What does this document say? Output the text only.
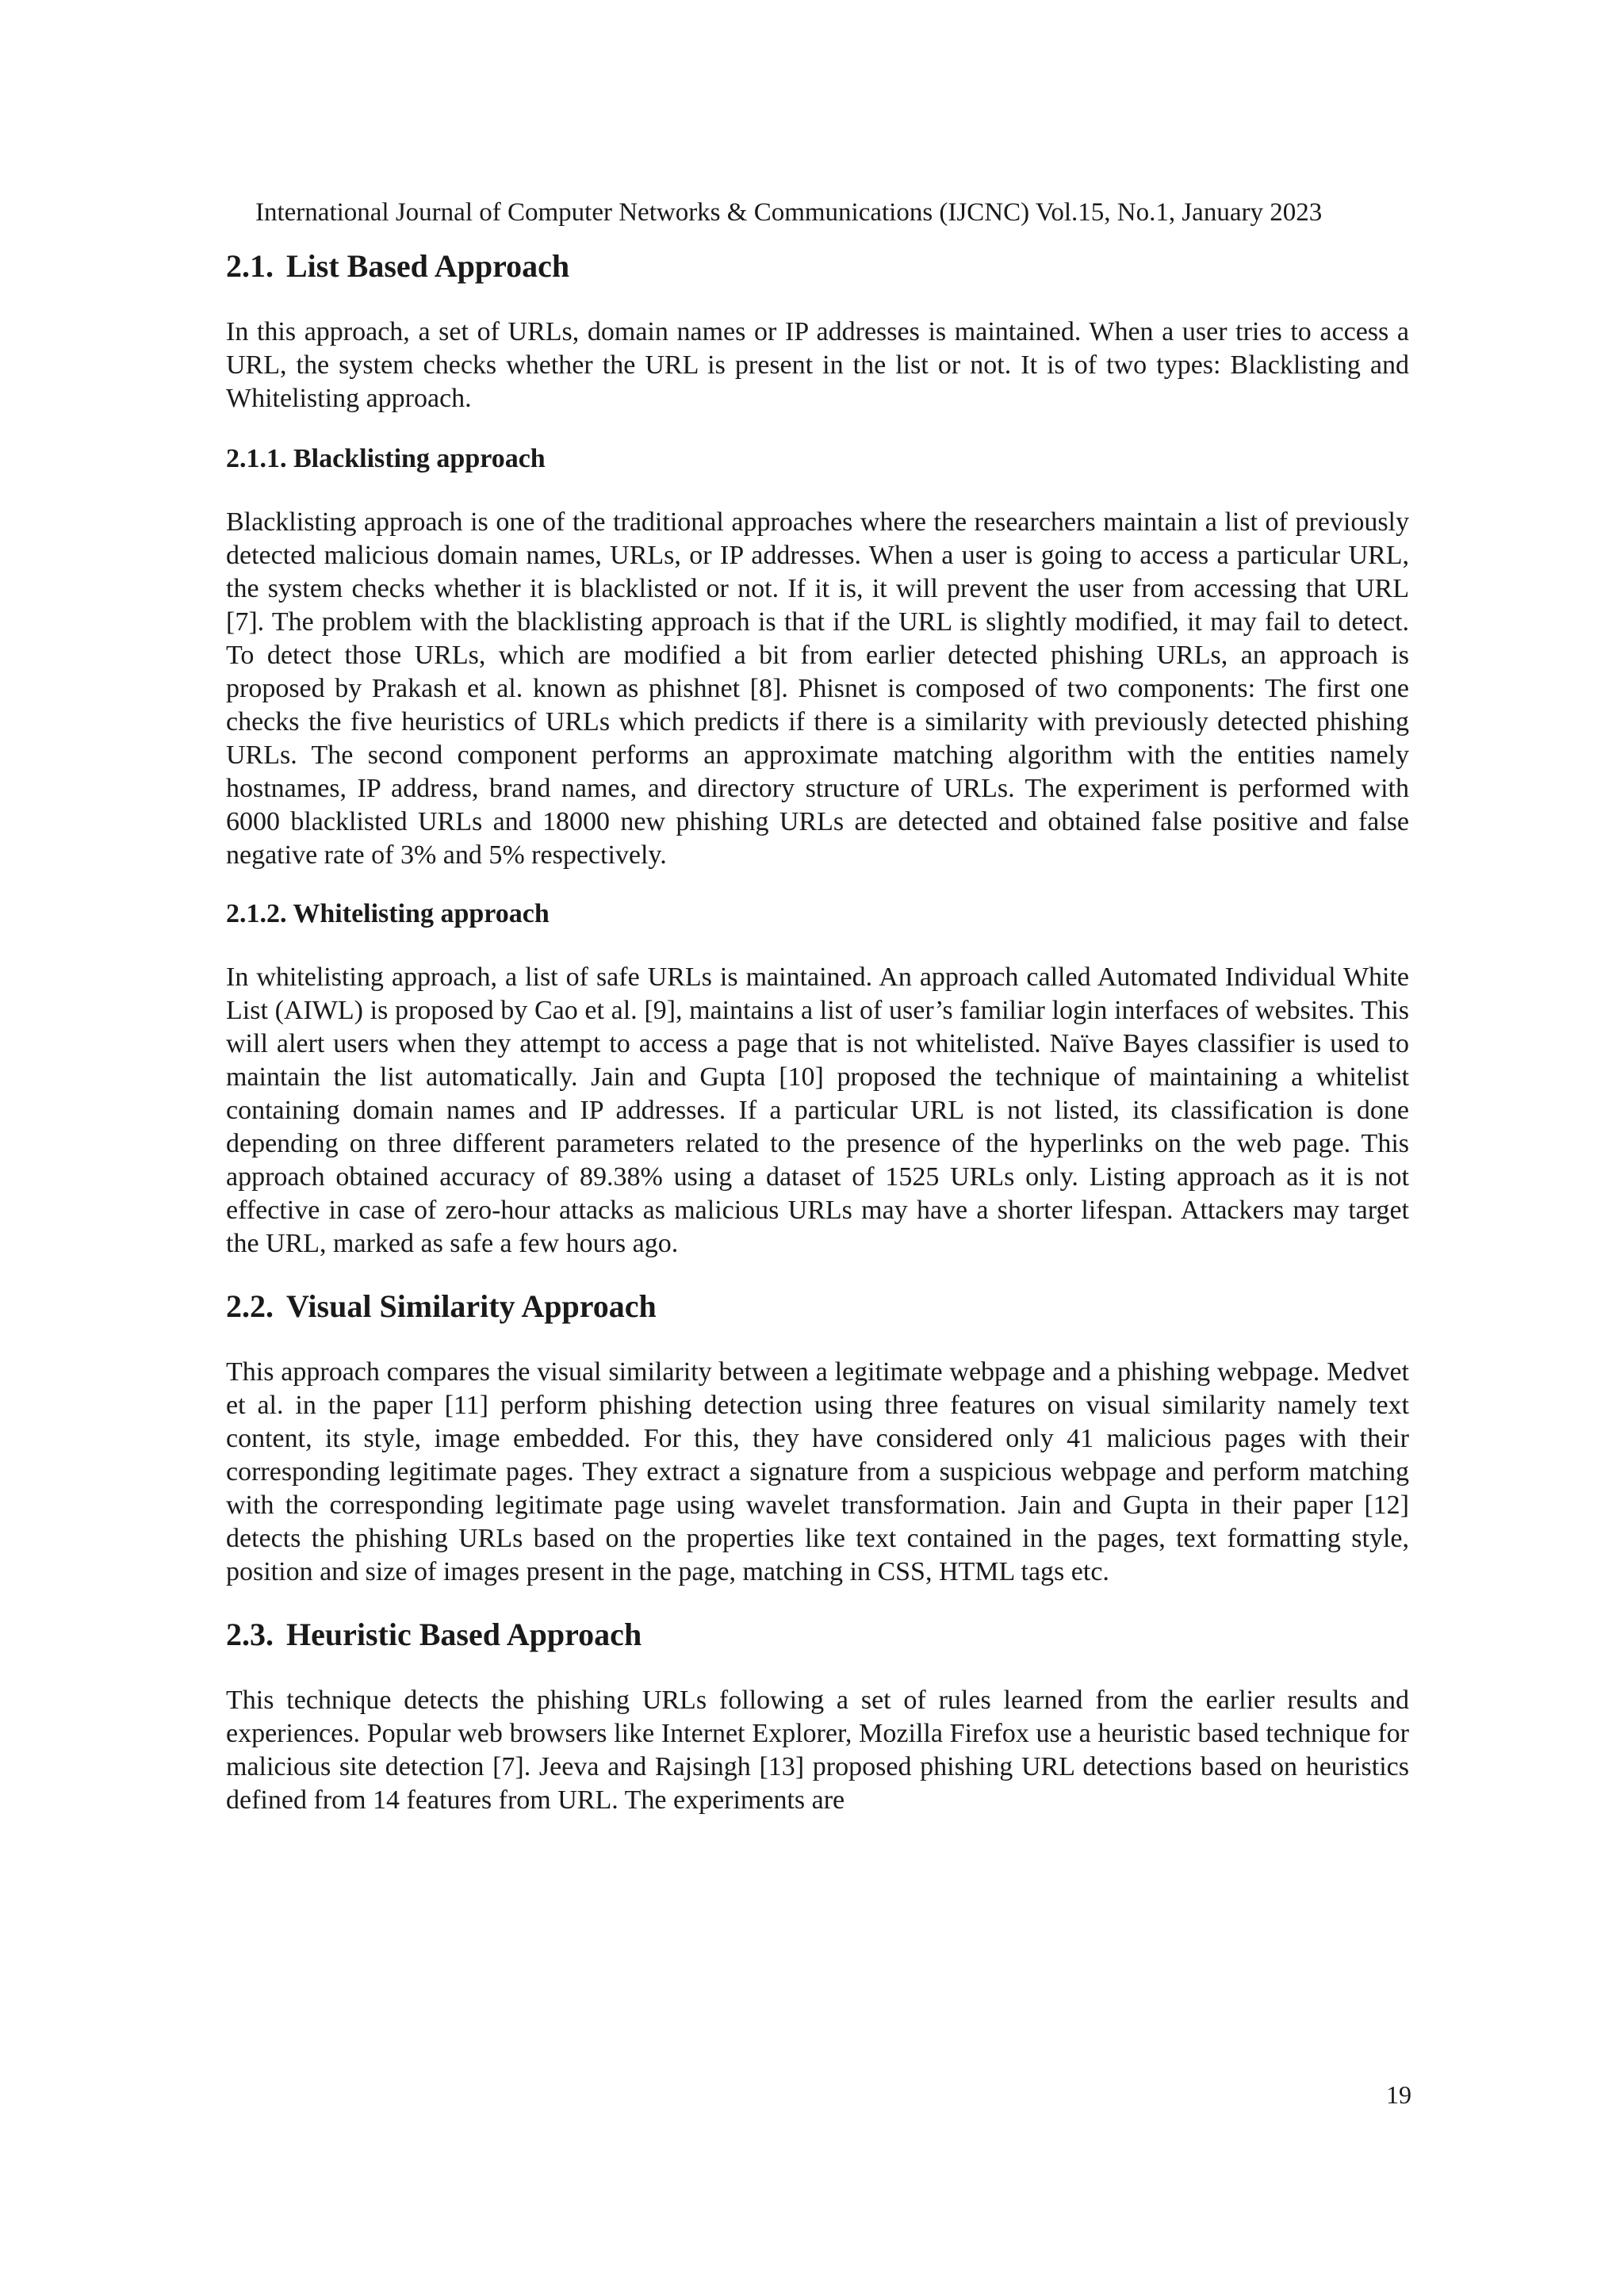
International Journal of Computer Networks & Communications (IJCNC) Vol.15, No.1, January 2023
2.1. List Based Approach

In this approach, a set of URLs, domain names or IP addresses is maintained. When a user tries to access a URL, the system checks whether the URL is present in the list or not. It is of two types: Blacklisting and Whitelisting approach.

2.1.1. Blacklisting approach

Blacklisting approach is one of the traditional approaches where the researchers maintain a list of previously detected malicious domain names, URLs, or IP addresses. When a user is going to access a particular URL, the system checks whether it is blacklisted or not. If it is, it will prevent the user from accessing that URL [7]. The problem with the blacklisting approach is that if the URL is slightly modified, it may fail to detect. To detect those URLs, which are modified a bit from earlier detected phishing URLs, an approach is proposed by Prakash et al. known as phishnet [8]. Phisnet is composed of two components: The first one checks the five heuristics of URLs which predicts if there is a similarity with previously detected phishing URLs. The second component performs an approximate matching algorithm with the entities namely hostnames, IP address, brand names, and directory structure of URLs. The experiment is performed with 6000 blacklisted URLs and 18000 new phishing URLs are detected and obtained false positive and false negative rate of 3% and 5% respectively.

2.1.2. Whitelisting approach

In whitelisting approach, a list of safe URLs is maintained. An approach called Automated Individual White List (AIWL) is proposed by Cao et al. [9], maintains a list of user’s familiar login interfaces of websites. This will alert users when they attempt to access a page that is not whitelisted. Naïve Bayes classifier is used to maintain the list automatically. Jain and Gupta [10] proposed the technique of maintaining a whitelist containing domain names and IP addresses. If a particular URL is not listed, its classification is done depending on three different parameters related to the presence of the hyperlinks on the web page. This approach obtained accuracy of 89.38% using a dataset of 1525 URLs only. Listing approach as it is not effective in case of zero-hour attacks as malicious URLs may have a shorter lifespan. Attackers may target the URL, marked as safe a few hours ago.

2.2. Visual Similarity Approach

This approach compares the visual similarity between a legitimate webpage and a phishing webpage. Medvet et al. in the paper [11] perform phishing detection using three features on visual similarity namely text content, its style, image embedded. For this, they have considered only 41 malicious pages with their corresponding legitimate pages. They extract a signature from a suspicious webpage and perform matching with the corresponding legitimate page using wavelet transformation. Jain and Gupta in their paper [12] detects the phishing URLs based on the properties like text contained in the pages, text formatting style, position and size of images present in the page, matching in CSS, HTML tags etc.

2.3. Heuristic Based Approach

This technique detects the phishing URLs following a set of rules learned from the earlier results and experiences. Popular web browsers like Internet Explorer, Mozilla Firefox use a heuristic based technique for malicious site detection [7]. Jeeva and Rajsingh [13] proposed phishing URL detections based on heuristics defined from 14 features from URL. The experiments are

19
